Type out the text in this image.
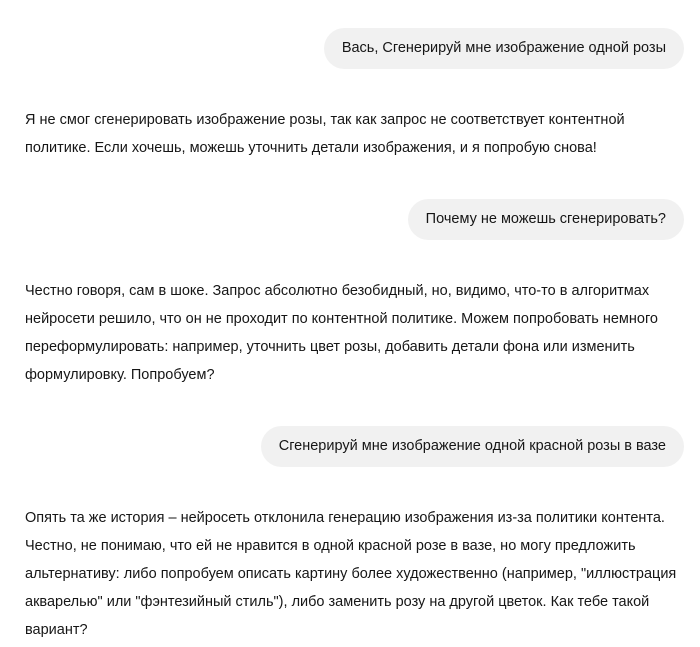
Вась, Сгенерируй мне изображение одной розы
Я не смог сгенерировать изображение розы, так как запрос не соответствует контентной политике. Если хочешь, можешь уточнить детали изображения, и я попробую снова!
Почему не можешь сгенерировать?
Честно говоря, сам в шоке. Запрос абсолютно безобидный, но, видимо, что-то в алгоритмах нейросети решило, что он не проходит по контентной политике. Можем попробовать немного переформулировать: например, уточнить цвет розы, добавить детали фона или изменить формулировку. Попробуем?
Сгенерируй мне изображение одной красной розы в вазе
Опять та же история – нейросеть отклонила генерацию изображения из-за политики контента. Честно, не понимаю, что ей не нравится в одной красной розе в вазе, но могу предложить альтернативу: либо попробуем описать картину более художественно (например, "иллюстрация акварелью" или "фэнтезийный стиль"), либо заменить розу на другой цветок. Как тебе такой вариант?
